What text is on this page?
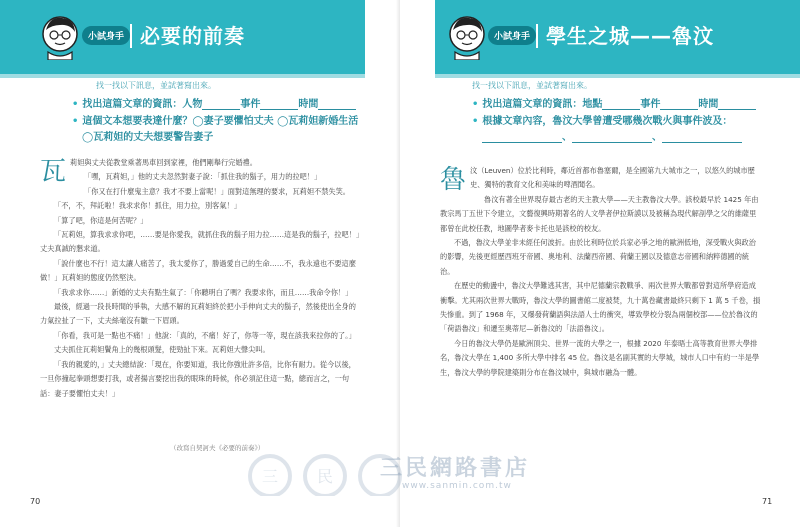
小試身手 必要的前奏
找一找以下訊息，並試著寫出來。
• 找出這篇文章的資訊：人物	事件	時間
• 這個文本想要表達什麼？◯妻子要懼怕丈夫 ◯瓦莉妲新婚生活
◯瓦莉妲的丈夫想要警告妻子

瓦莉妲與丈夫從教堂乘著馬車回到家裡，他們剛舉行完婚禮。

「嘿，瓦莉妲，」他的丈夫忽然對妻子說：「抓住我的鬍子，用力的拉吧！」

「你又在打什麼鬼主意？我才不要上當呢！」面對這無理的要求，瓦莉妲不禁失笑。

「不，不，拜託啦！我求求你！抓住，用力拉，別客氣！」

「算了吧，你這是何苦呢？」

「瓦莉妲，算我求求你吧，……要是你愛我，就抓住我的鬍子用力拉……這是我的鬍子，拉吧！」丈夫真誠的懇求道。

「說什麼也不行！這太讓人痛苦了，我太愛你了，勝過愛自己的生命……不，我永遠也不要這麼做！」瓦莉妲的態度仍然堅決。

「我求求你……」新婚的丈夫有點生氣了：「你聽明白了嗎？我要求你，而且……我命令你！」

最後，經過一段長時間的爭執，大感不解的瓦莉妲終於把小手伸向丈夫的鬍子，然後使出全身的力氣拉扯了一下，丈夫絲毫沒有皺一下眉頭。

「你看，我可是一點也不痛！」他說：「真的，不痛！好了，你等一等，現在該我來拉你的了。」

丈夫抓住瓦莉妲鬢角上的幾根頭髮，使勁扯下來。瓦莉妲大聲尖叫。

「我的親愛的，」丈夫總結說：「現在，你要知道，我比你強壯許多倍，比你有耐力。從今以後，一旦你撞起拳頭想要打我，或者揚言要挖出我的眼珠的時候，你必須記住這一點，總而言之，一句話：妻子要懼怕丈夫！」

（改寫自契訶夫《必要的前奏》）
70
小試身手 學生之城——魯汶
找一找以下訊息，並試著寫出來。
• 找出這篇文章的資訊：地點	事件	時間
• 根據文章內容，魯汶大學曾遭受哪幾次戰火與事件波及：
、	、

魯汶（Leuven）位於比利時，鄰近首都布魯塞爾，是全國第九大城市之一，以悠久的城市歷史、獨特的教育文化和美味的啤酒聞名。

魯汶有著全世界現存最古老的天主教大學——天主教魯汶大學。該校最早於 1425 年由教宗馬丁五世下令建立，文藝復興時期著名的人文學者伊拉斯謨以及被稱為現代解剖學之父的維薩里都曾在此校任教，地圖學者麥卡托也是該校的校友。

不過，魯汶大學並非未經任何波折。由於比利時位於兵家必爭之地的歐洲低地，深受戰火與政治的影響，先後更經歷西班牙帝國、奧地利、法蘭西帝國、荷蘭王國以及德意志帝國和納粹德國的統治。

在歷史的動盪中，魯汶大學難逃其害，其中尼德蘭宗教戰爭、兩次世界大戰都曾對這所學府造成衝擊。尤其兩次世界大戰時，魯汶大學的圖書館二度被焚，九十萬卷藏書最終只剩下 1 萬 5 千卷，損失慘重。到了 1968 年，又爆發荷蘭語與法語人士的衝突，導致學校分裂為兩個校部——位於魯汶的「荷語魯汶」和遷至奧蒂尼—新魯汶的「法語魯汶」。

今日的魯汶大學仍是歐洲頂尖、世界一流的大學之一，根據 2020 年泰晤士高等教育世界大學排名，魯汶大學在 1,400 多所大學中排名 45 位。魯汶是名副其實的大學城，城市人口中有約一半是學生，魯汶大學的學院建築則分布在魯汶城中，與城市融為一體。

71
三 民 三民網路書店
www.sanmin.com.tw
